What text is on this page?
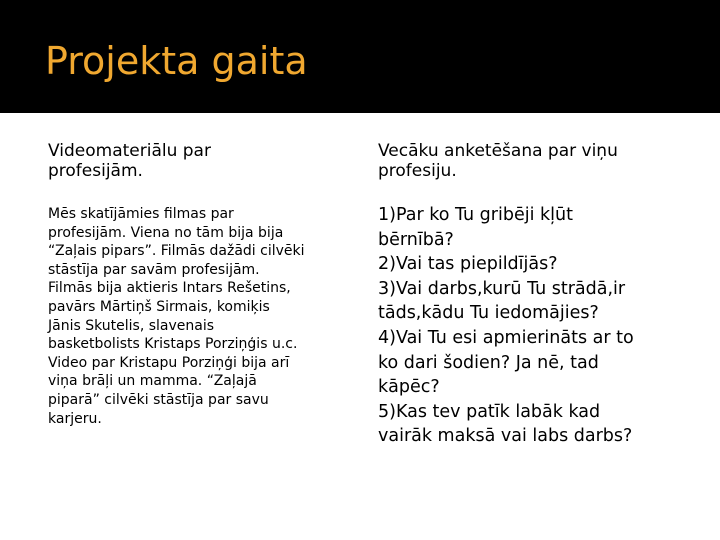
Projekta gaita
Videomateriālu par
profesijām.

Mēs skatījāmies filmas par
profesijām. Viena no tām bija bija
“Zaļais pipars”. Filmās dažādi cilvēki
stāstīja par savām profesijām.
Filmās bija aktieris Intars Rešetins,
pavārs Mārtiņš Sirmais, komiķis
Jānis Skutelis, slavenais
basketbolists Kristaps Porziņģis u.c.
Video par Kristapu Porziņģi bija arī
viņa brāļi un mamma. “Zaļajā
piparā” cilvēki stāstīja par savu
karjeru.

Vecāku anketēšana par viņu
profesiju.
1)Par ko Tu gribēji kļūt
bērnībā?
2)Vai tas piepildījās?
3)Vai darbs,kurū Tu strādā,ir
tāds,kādu Tu iedomājies?
4)Vai Tu esi apmierināts ar to
ko dari šodien? Ja nē, tad
kāpēc?
5)Kas tev patīk labāk kad
vairāk maksā vai labs darbs?
